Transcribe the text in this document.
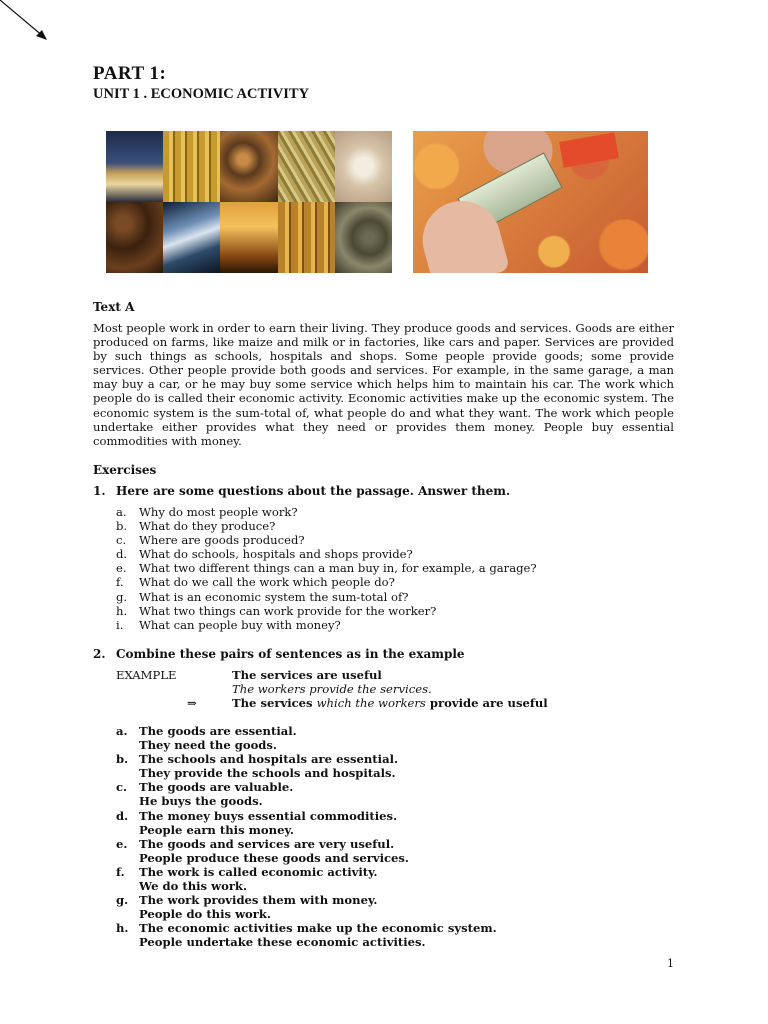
PART 1:
UNIT 1 . ECONOMIC ACTIVITY
Text A
Most people work in order to earn their living. They produce goods and services. Goods are either produced on farms, like maize and milk or in factories, like cars and paper. Services are provided by such things as schools, hospitals and shops. Some people provide goods; some provide services. Other people provide both goods and services. For example, in the same garage, a man may buy a car, or he may buy some service which helps him to maintain his car. The work which people do is called their economic activity. Economic activities make up the economic system. The economic system is the sum-total of, what people do and what they want. The work which people undertake either provides what they need or provides them money. People buy essential commodities with money.
Exercises
1. Here are some questions about the passage. Answer them.
a. Why do most people work?
b. What do they produce?
c. Where are goods produced?
d. What do schools, hospitals and shops provide?
e. What two different things can a man buy in, for example, a garage?
f. What do we call the work which people do?
g. What is an economic system the sum-total of?
h. What two things can work provide for the worker?
i. What can people buy with money?
2. Combine these pairs of sentences as in the example
EXAMPLE	The services are useful
The workers provide the services.
⇒	The services which the workers provide are useful
a. The goods are essential.
They need the goods.
b. The schools and hospitals are essential.
They provide the schools and hospitals.
c. The goods are valuable.
He buys the goods.
d. The money buys essential commodities.
People earn this money.
e. The goods and services are very useful.
People produce these goods and services.
f. The work is called economic activity.
We do this work.
g. The work provides them with money.
People do this work.
h. The economic activities make up the economic system.
People undertake these economic activities.
1
